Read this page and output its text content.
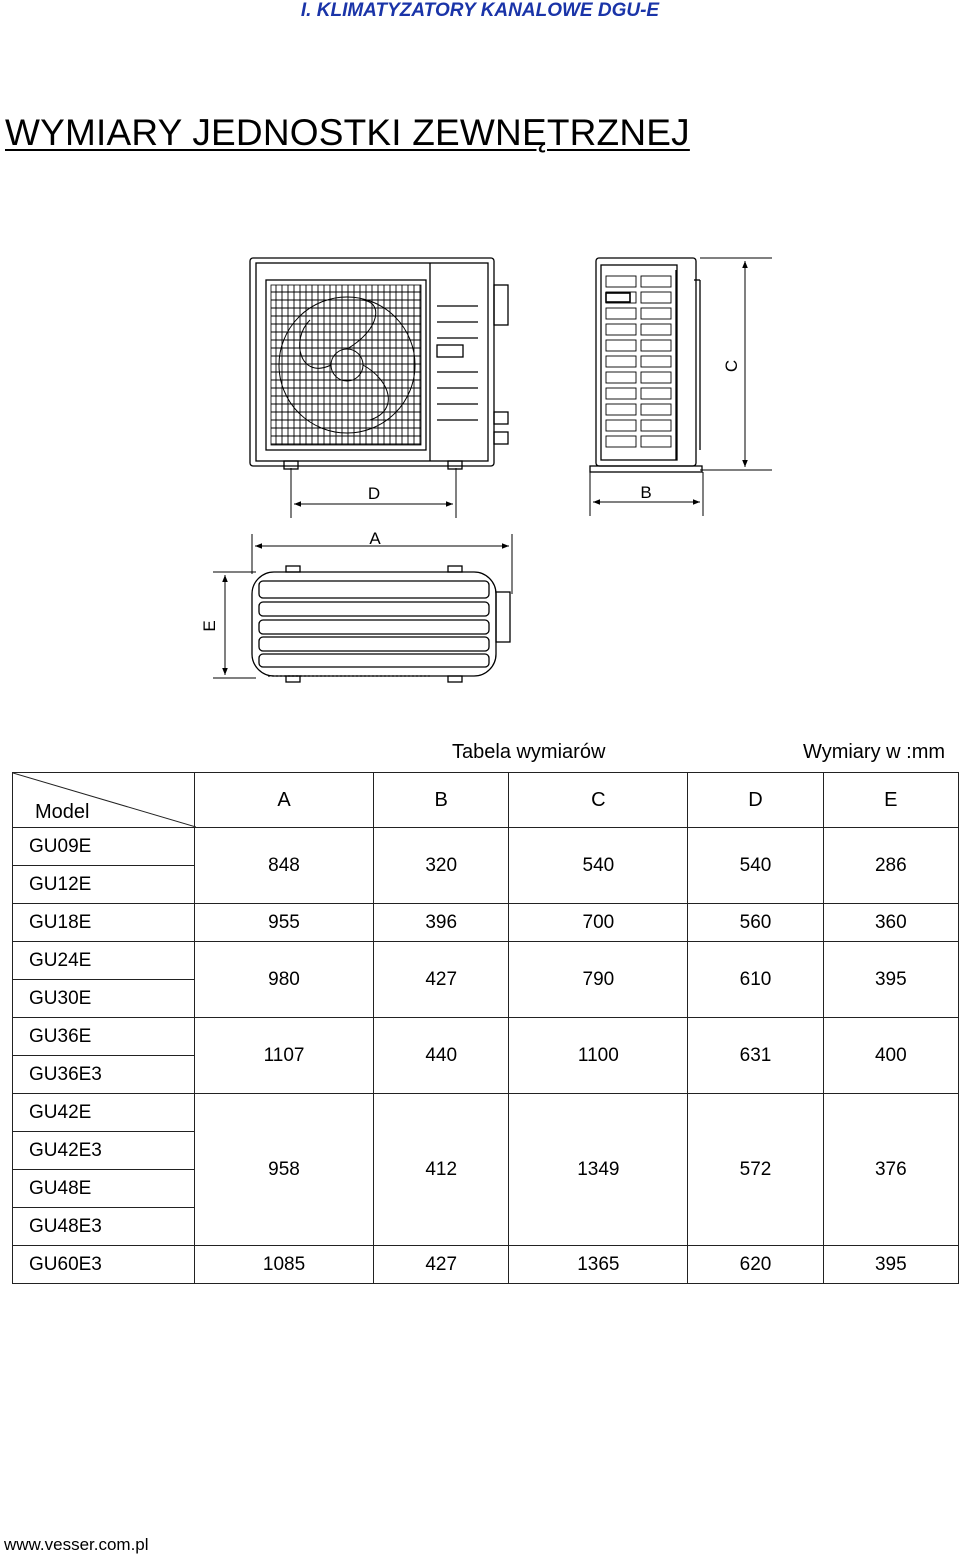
I. KLIMATYZATORY KANALOWE DGU-E
WYMIARY JEDNOSTKI ZEWNĘTRZNEJ
D	B
C
A
E
Tabela wymiarów	Wymiary w :mm
Model	A	B	C	D	E
GU09E	848	320	540	540	286
GU12E					
GU18E	955	396	700	560	360
GU24E	980	427	790	610	395
GU30E					
GU36E	1107	440	1100	631	400
GU36E3					
GU42E	958	412	1349	572	376
GU42E3					
GU48E					
GU48E3					
GU60E3	1085	427	1365	620	395
www.vesser.com.pl
